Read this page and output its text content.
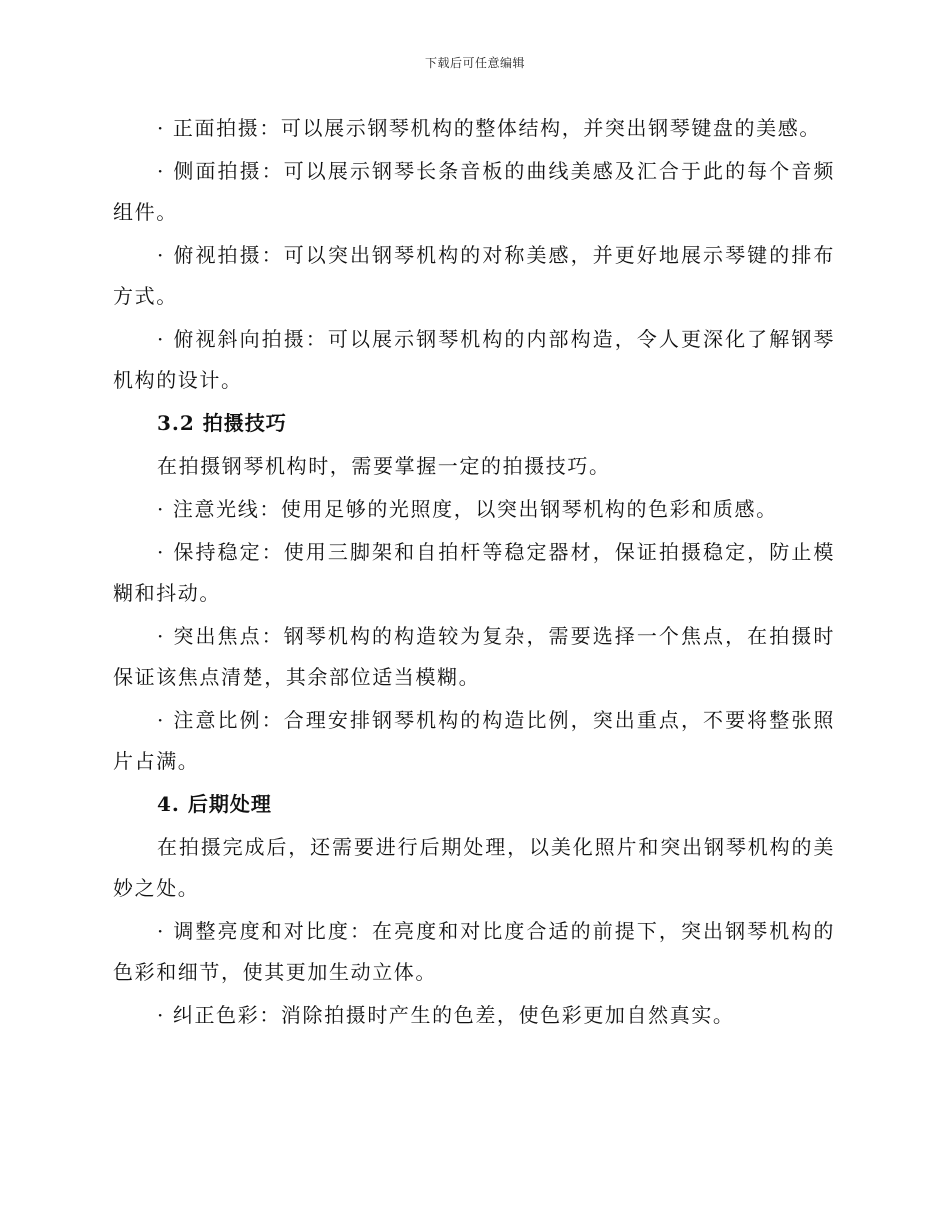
下载后可任意编辑

· 正面拍摄：可以展示钢琴机构的整体结构，并突出钢琴键盘的美感。

· 侧面拍摄：可以展示钢琴长条音板的曲线美感及汇合于此的每个音频组件。

· 俯视拍摄：可以突出钢琴机构的对称美感，并更好地展示琴键的排布方式。

· 俯视斜向拍摄：可以展示钢琴机构的内部构造，令人更深化了解钢琴机构的设计。

3.2 拍摄技巧

在拍摄钢琴机构时，需要掌握一定的拍摄技巧。

· 注意光线：使用足够的光照度，以突出钢琴机构的色彩和质感。

· 保持稳定：使用三脚架和自拍杆等稳定器材，保证拍摄稳定，防止模糊和抖动。

· 突出焦点：钢琴机构的构造较为复杂，需要选择一个焦点，在拍摄时保证该焦点清楚，其余部位适当模糊。

· 注意比例：合理安排钢琴机构的构造比例，突出重点，不要将整张照片占满。

4. 后期处理

在拍摄完成后，还需要进行后期处理，以美化照片和突出钢琴机构的美妙之处。

· 调整亮度和对比度：在亮度和对比度合适的前提下，突出钢琴机构的色彩和细节，使其更加生动立体。

· 纠正色彩：消除拍摄时产生的色差，使色彩更加自然真实。
